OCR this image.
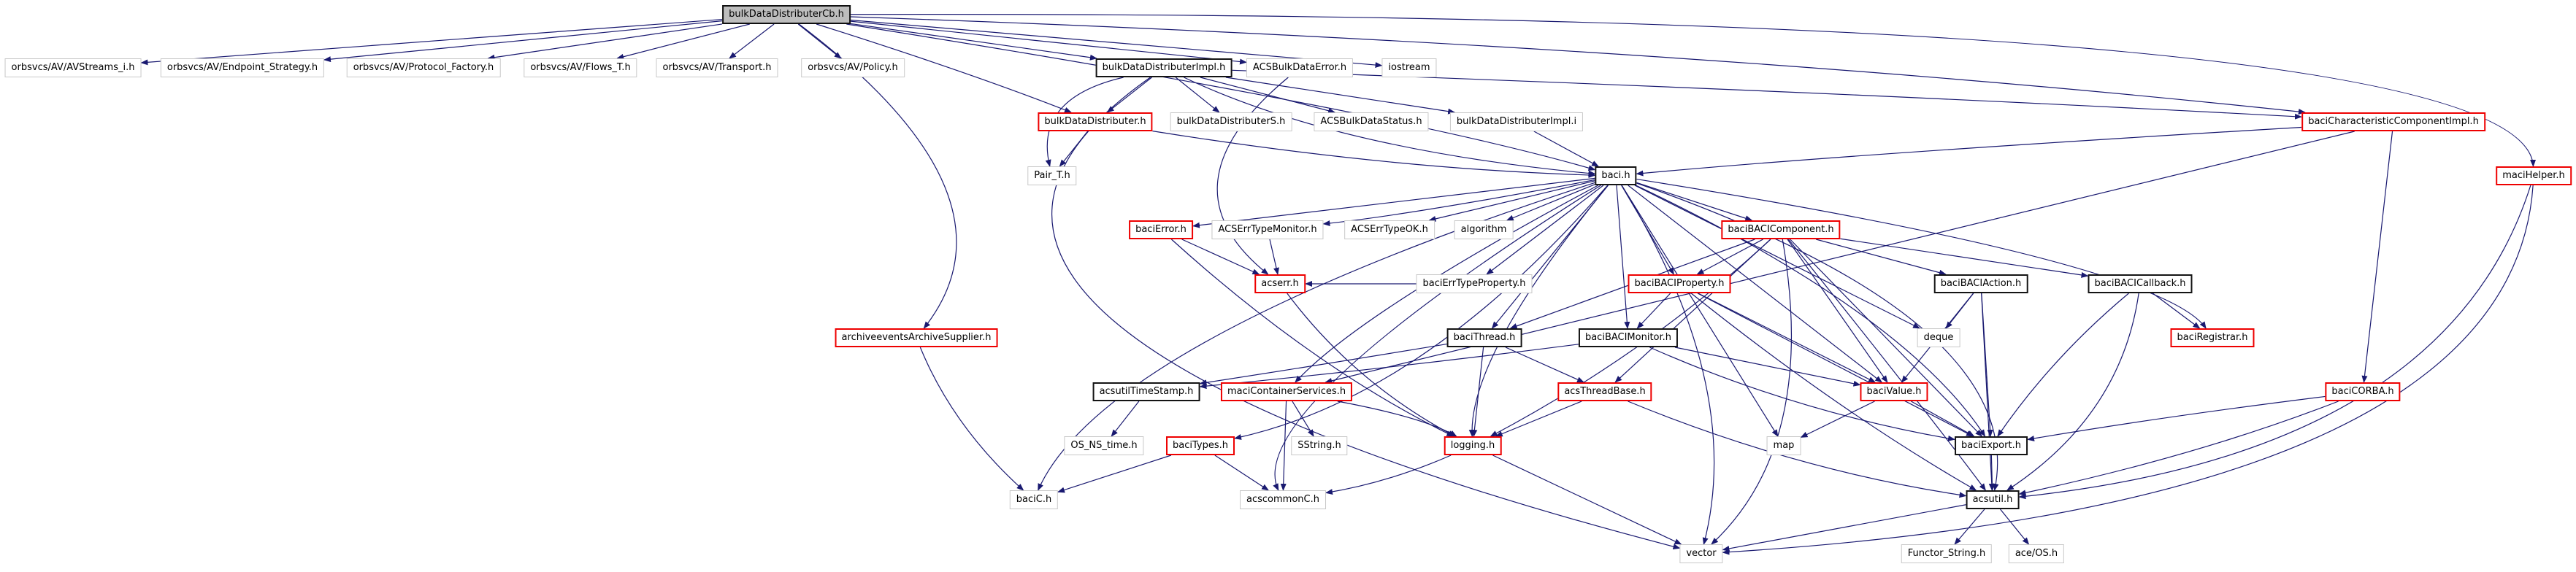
bulkDataDistributerCb.h
orbsvcs/AV/AVStreams_i.h	orbsvcs/AV/Endpoint_Strategy.h	orbsvcs/AV/Protocol_Factory.h	orbsvcs/AV/Flows_T.h	orbsvcs/AV/Transport.h	orbsvcs/AV/Policy.h	bulkDataDistributerImpl.h	ACSBulkDataError.h	iostream
bulkDataDistributer.h	bulkDataDistributerS.h	ACSBulkDataStatus.h	bulkDataDistributerImpl.i	baciCharacteristicComponentImpl.h
Pair_T.h	baci.h	maciHelper.h
baciError.h	ACSErrTypeMonitor.h	ACSErrTypeOK.h	algorithm	baciBACIComponent.h
acserr.h	baciErrTypeProperty.h	baciBACIProperty.h	baciBACIAction.h	baciBACICallback.h
archiveeventsArchiveSupplier.h	baciThread.h	baciBACIMonitor.h	deque	baciRegistrar.h
acsutilTimeStamp.h	maciContainerServices.h	acsThreadBase.h	baciValue.h	baciCORBA.h
OS_NS_time.h	baciTypes.h	SString.h	logging.h	map	baciExport.h
baciC.h	acscommonC.h	acsutil.h
vector	Functor_String.h	ace/OS.h
